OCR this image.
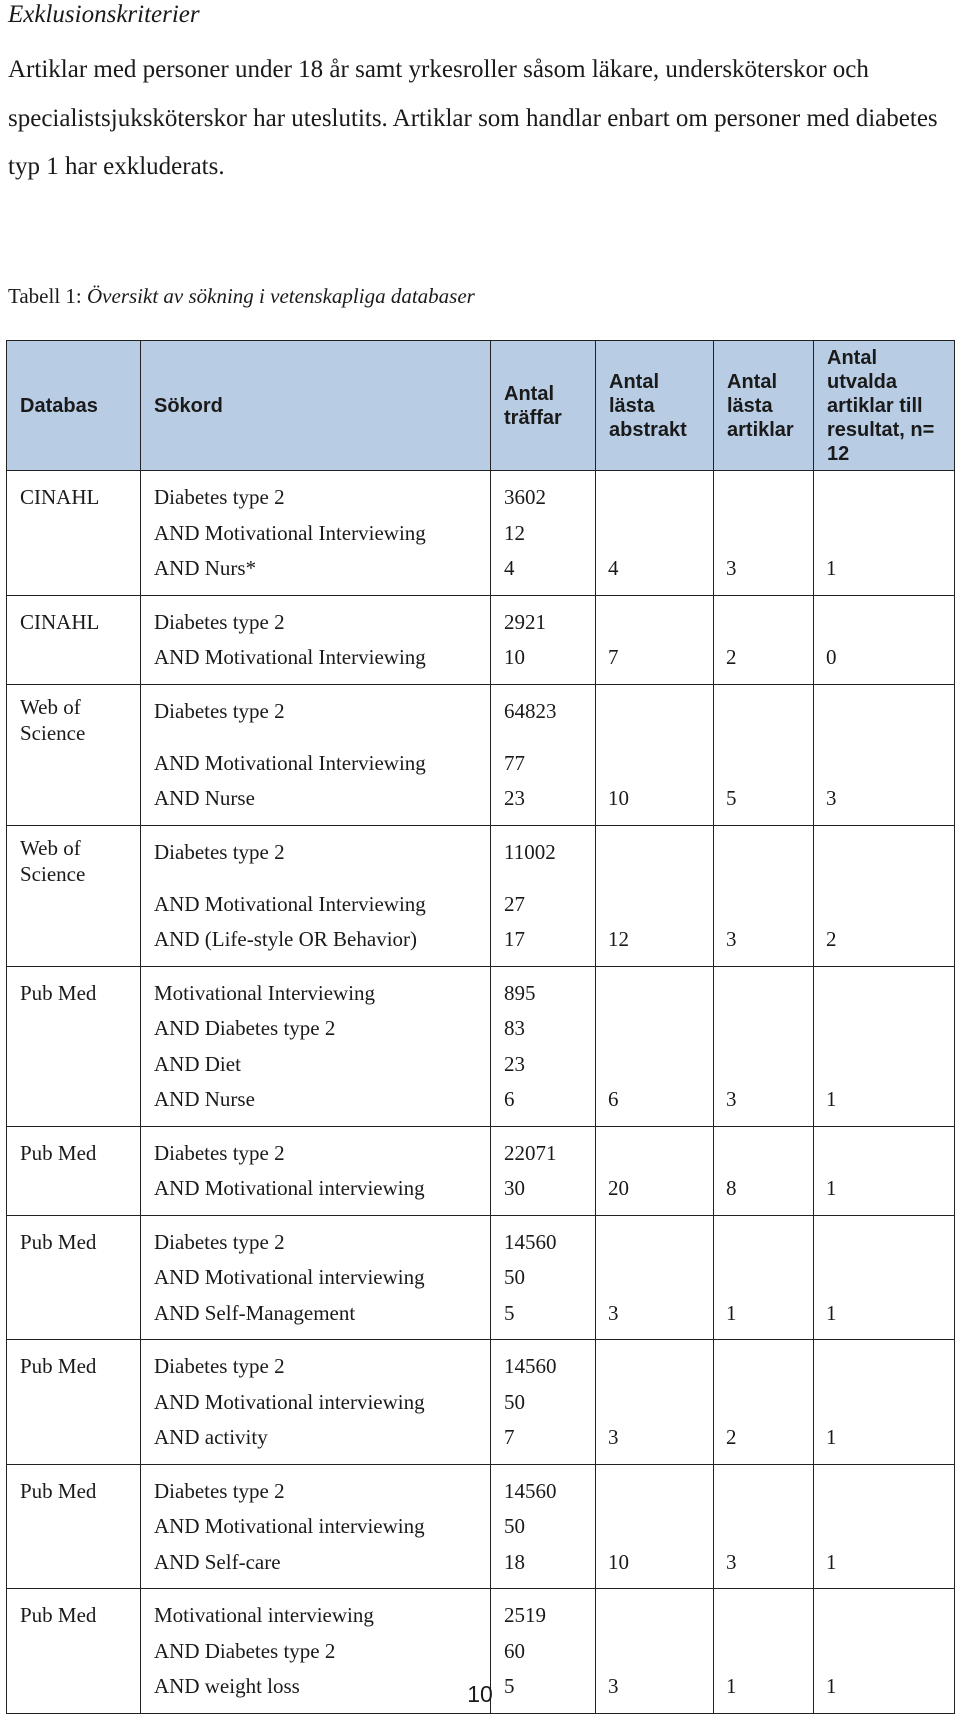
Exklusionskriterier

Artiklar med personer under 18 år samt yrkesroller såsom läkare, undersköterskor och specialistsjuksköterskor har uteslutits. Artiklar som handlar enbart om personer med diabetes typ 1 har exkluderats.

Tabell 1: Översikt av sökning i vetenskapliga databaser

Databas	Sökord	Antal träffar	Antal lästa abstrakt	Antal lästa artiklar	Antal utvalda artiklar till resultat, n= 12
CINAHL	Diabetes type 2	3602			
	AND Motivational Interviewing	12			
	AND Nurs*	4	4	3	1
CINAHL	Diabetes type 2	2921			
	AND Motivational Interviewing	10	7	2	0
Web of Science	Diabetes type 2	64823			
	AND Motivational Interviewing	77			
	AND Nurse	23	10	5	3
Web of Science	Diabetes type 2	11002			
	AND Motivational Interviewing	27			
	AND (Life-style OR Behavior)	17	12	3	2
Pub Med	Motivational Interviewing	895			
	AND Diabetes type 2	83			
	AND Diet	23			
	AND Nurse	6	6	3	1
Pub Med	Diabetes type 2	22071			
	AND Motivational interviewing	30	20	8	1
Pub Med	Diabetes type 2	14560			
	AND Motivational interviewing	50			
	AND Self-Management	5	3	1	1
Pub Med	Diabetes type 2	14560			
	AND Motivational interviewing	50			
	AND activity	7	3	2	1
Pub Med	Diabetes type 2	14560			
	AND Motivational interviewing	50			
	AND Self-care	18	10	3	1
Pub Med	Motivational interviewing	2519			
	AND Diabetes type 2	60			
	AND weight loss	5	3	1	1
10
